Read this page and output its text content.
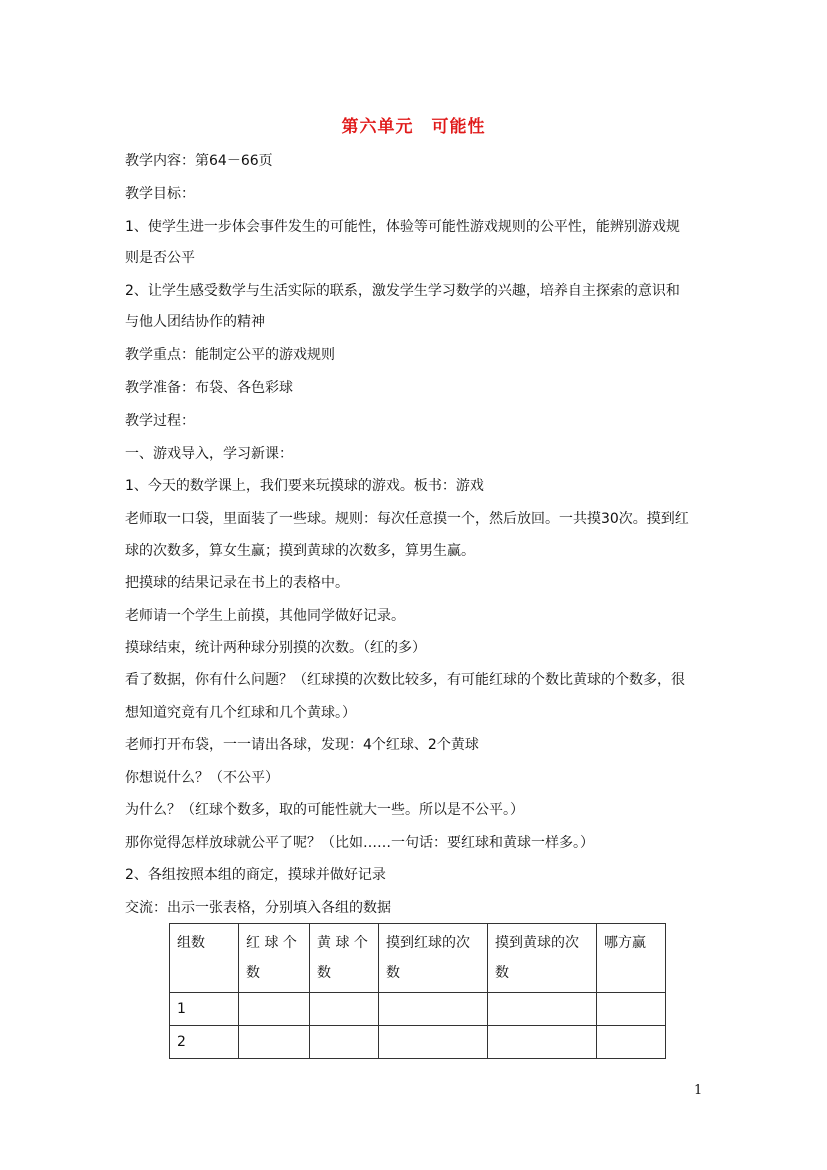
第六单元　可能性
教学内容：第64－66页
教学目标：
1、使学生进一步体会事件发生的可能性，体验等可能性游戏规则的公平性，能辨别游戏规
则是否公平
2、让学生感受数学与生活实际的联系，激发学生学习数学的兴趣，培养自主探索的意识和
与他人团结协作的精神
教学重点：能制定公平的游戏规则
教学准备：布袋、各色彩球
教学过程：
一、游戏导入，学习新课：
1、今天的数学课上，我们要来玩摸球的游戏。板书：游戏
老师取一口袋，里面装了一些球。规则：每次任意摸一个，然后放回。一共摸30次。摸到红
球的次数多，算女生赢；摸到黄球的次数多，算男生赢。
把摸球的结果记录在书上的表格中。
老师请一个学生上前摸，其他同学做好记录。
摸球结束，统计两种球分别摸的次数。（红的多）
看了数据，你有什么问题？（红球摸的次数比较多，有可能红球的个数比黄球的个数多，很
想知道究竟有几个红球和几个黄球。）
老师打开布袋，一一请出各球，发现：4个红球、2个黄球
你想说什么？（不公平）
为什么？（红球个数多，取的可能性就大一些。所以是不公平。）
那你觉得怎样放球就公平了呢？（比如……一句话：要红球和黄球一样多。）
2、各组按照本组的商定，摸球并做好记录
交流：出示一张表格，分别填入各组的数据
组数	红 球 个 数	黄 球 个 数	摸到红球的次数	摸到黄球的次数	哪方赢
1					
2					
1
